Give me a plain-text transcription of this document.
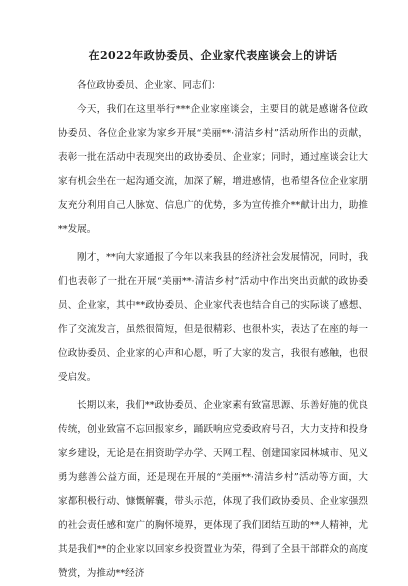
在2022年政协委员、企业家代表座谈会上的讲话

各位政协委员、企业家、同志们：

今天，我们在这里举行***企业家座谈会，主要目的就是感谢各位政协委员、各位企业家为家乡开展“美丽**·清洁乡村”活动所作出的贡献，表彰一批在活动中表现突出的政协委员、企业家；同时，通过座谈会让大家有机会坐在一起沟通交流，加深了解，增进感情，也希望各位企业家朋友充分利用自己人脉宽、信息广的优势，多为宣传推介**献计出力，助推**发展。

刚才，**向大家通报了今年以来我县的经济社会发展情况，同时，我们也表彰了一批在开展“美丽**·清洁乡村”活动中作出突出贡献的政协委员、企业家，其中**政协委员、企业家代表也结合自己的实际谈了感想、作了交流发言，虽然很简短，但是很精彩、也很朴实，表达了在座的每一位政协委员、企业家的心声和心愿，听了大家的发言，我很有感触，也很受启发。

长期以来，我们**政协委员、企业家素有致富思源、乐善好施的优良传统，创业致富不忘回报家乡，踊跃响应党委政府号召，大力支持和投身家乡建设，无论是在捐资助学办学、天网工程、创建国家园林城市、见义勇为慈善公益方面，还是现在开展的“美丽**·清洁乡村”活动等方面，大家都积极行动、慷慨解囊，带头示范，体现了我们政协委员、企业家强烈的社会责任感和宽广的胸怀境界，更体现了我们团结互助的**人精神，尤其是我们**的企业家以回家乡投资置业为荣，得到了全县干部群众的高度赞赏，为推动**经济
